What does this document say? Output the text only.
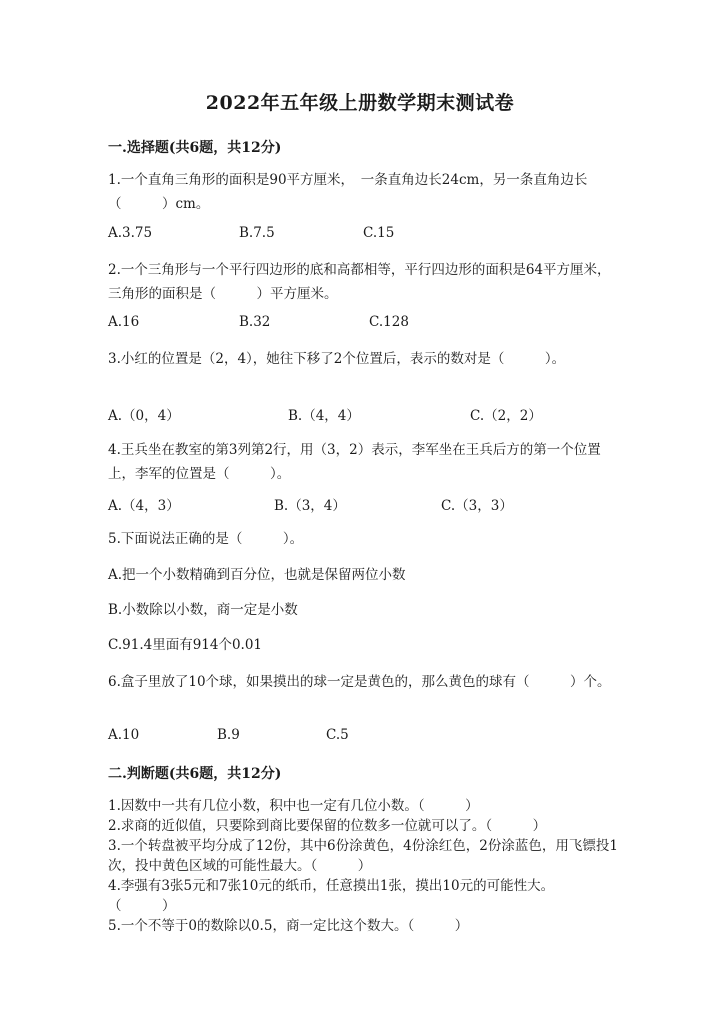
2022年五年级上册数学期末测试卷
一.选择题(共6题，共12分)
1.一个直角三角形的面积是90平方厘米，　一条直角边长24cm，另一条直角边长（　　　）cm。
A.3.75	B.7.5	C.15
2.一个三角形与一个平行四边形的底和高都相等，平行四边形的面积是64平方厘米，三角形的面积是（　　　）平方厘米。
A.16	B.32	C.128
3.小红的位置是（2，4），她往下移了2个位置后，表示的数对是（　　　）。
A.（0，4）	B.（4，4）	C.（2，2）
4.王兵坐在教室的第3列第2行，用（3，2）表示，李军坐在王兵后方的第一个位置上，李军的位置是（　　　）。
A.（4，3）	B.（3，4）	C.（3，3）
5.下面说法正确的是（　　　）。
A.把一个小数精确到百分位，也就是保留两位小数
B.小数除以小数，商一定是小数
C.91.4里面有914个0.01
6.盒子里放了10个球，如果摸出的球一定是黄色的，那么黄色的球有（　　　）个。
A.10	B.9	C.5
二.判断题(共6题，共12分)
1.因数中一共有几位小数，积中也一定有几位小数。（　　　）
2.求商的近似值，只要除到商比要保留的位数多一位就可以了。（　　　）
3.一个转盘被平均分成了12份，其中6份涂黄色，4份涂红色，2份涂蓝色，用飞镖投1次，投中黄色区域的可能性最大。（　　　）
4.李强有3张5元和7张10元的纸币，任意摸出1张，摸出10元的可能性大。　　（　　　）
5.一个不等于0的数除以0.5，商一定比这个数大。（　　　）
